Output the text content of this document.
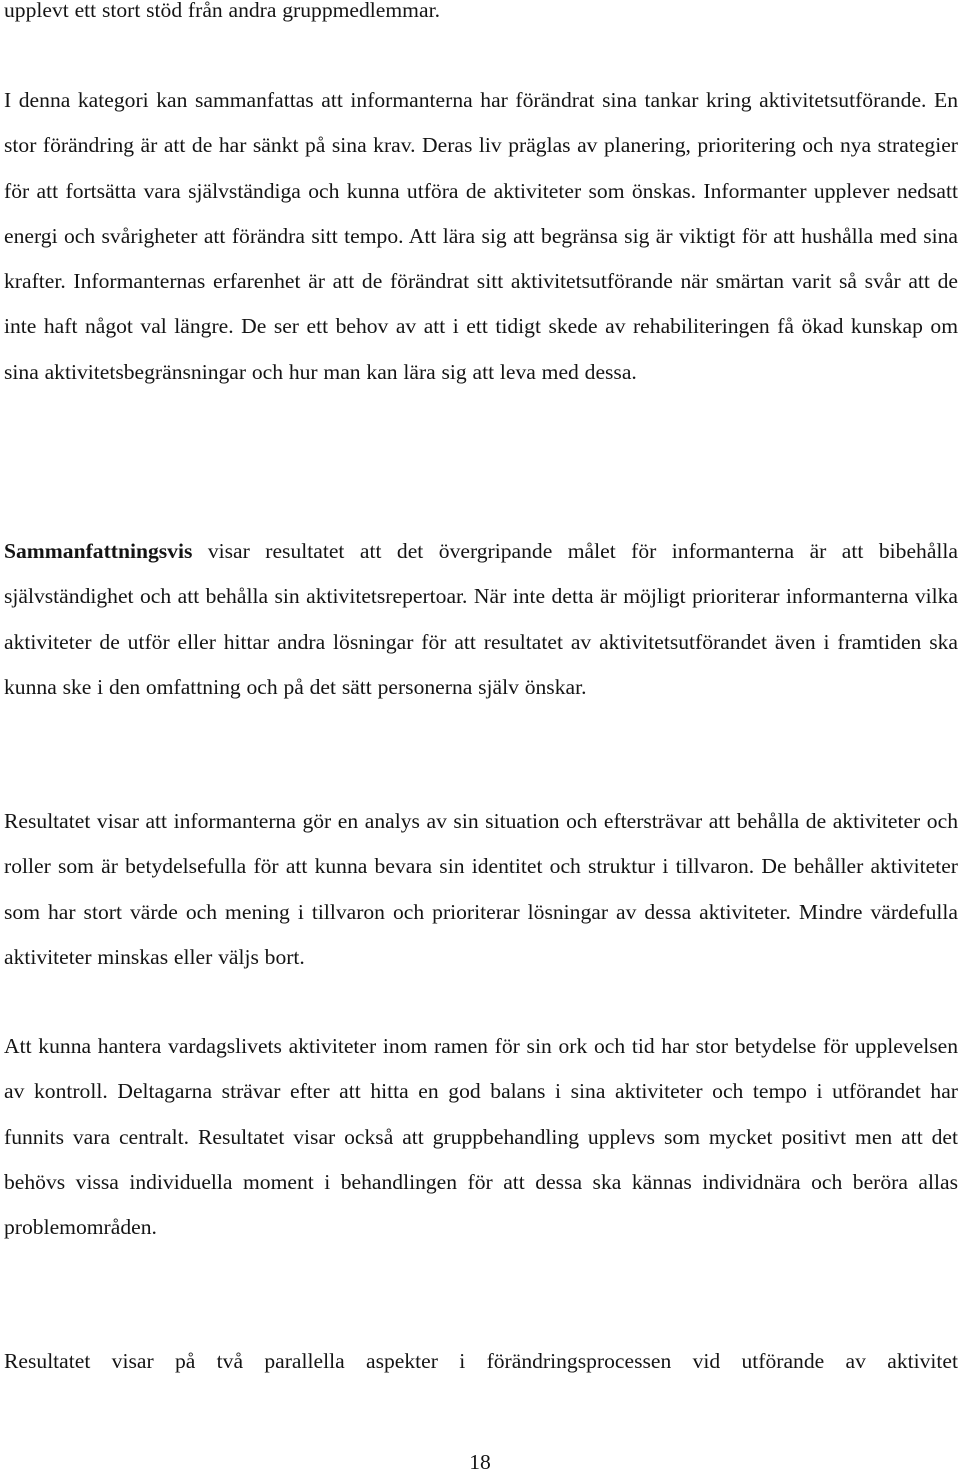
upplevt ett stort stöd från andra gruppmedlemmar.

I denna kategori kan sammanfattas att informanterna har förändrat sina tankar kring aktivitetsutförande. En stor förändring är att de har sänkt på sina krav. Deras liv präglas av planering, prioritering och nya strategier för att fortsätta vara självständiga och kunna utföra de aktiviteter som önskas. Informanter upplever nedsatt energi och svårigheter att förändra sitt tempo. Att lära sig att begränsa sig är viktigt för att hushålla med sina krafter. Informanternas erfarenhet är att de förändrat sitt aktivitetsutförande när smärtan varit så svår att de inte haft något val längre. De ser ett behov av att i ett tidigt skede av rehabiliteringen få ökad kunskap om sina aktivitetsbegränsningar och hur man kan lära sig att leva med dessa.

Sammanfattningsvis visar resultatet att det övergripande målet för informanterna är att bibehålla självständighet och att behålla sin aktivitetsrepertoar. När inte detta är möjligt prioriterar informanterna vilka aktiviteter de utför eller hittar andra lösningar för att resultatet av aktivitetsutförandet även i framtiden ska kunna ske i den omfattning och på det sätt personerna själv önskar.

Resultatet visar att informanterna gör en analys av sin situation och eftersträvar att behålla de aktiviteter och roller som är betydelsefulla för att kunna bevara sin identitet och struktur i tillvaron. De behåller aktiviteter som har stort värde och mening i tillvaron och prioriterar lösningar av dessa aktiviteter. Mindre värdefulla aktiviteter minskas eller väljs bort.

Att kunna hantera vardagslivets aktiviteter inom ramen för sin ork och tid har stor betydelse för upplevelsen av kontroll. Deltagarna strävar efter att hitta en god balans i sina aktiviteter och tempo i utförandet har funnits vara centralt. Resultatet visar också att gruppbehandling upplevs som mycket positivt men att det behövs vissa individuella moment i behandlingen för att dessa ska kännas individnära och beröra allas problemområden.

Resultatet visar på två parallella aspekter i förändringsprocessen vid utförande av aktivitet

18
